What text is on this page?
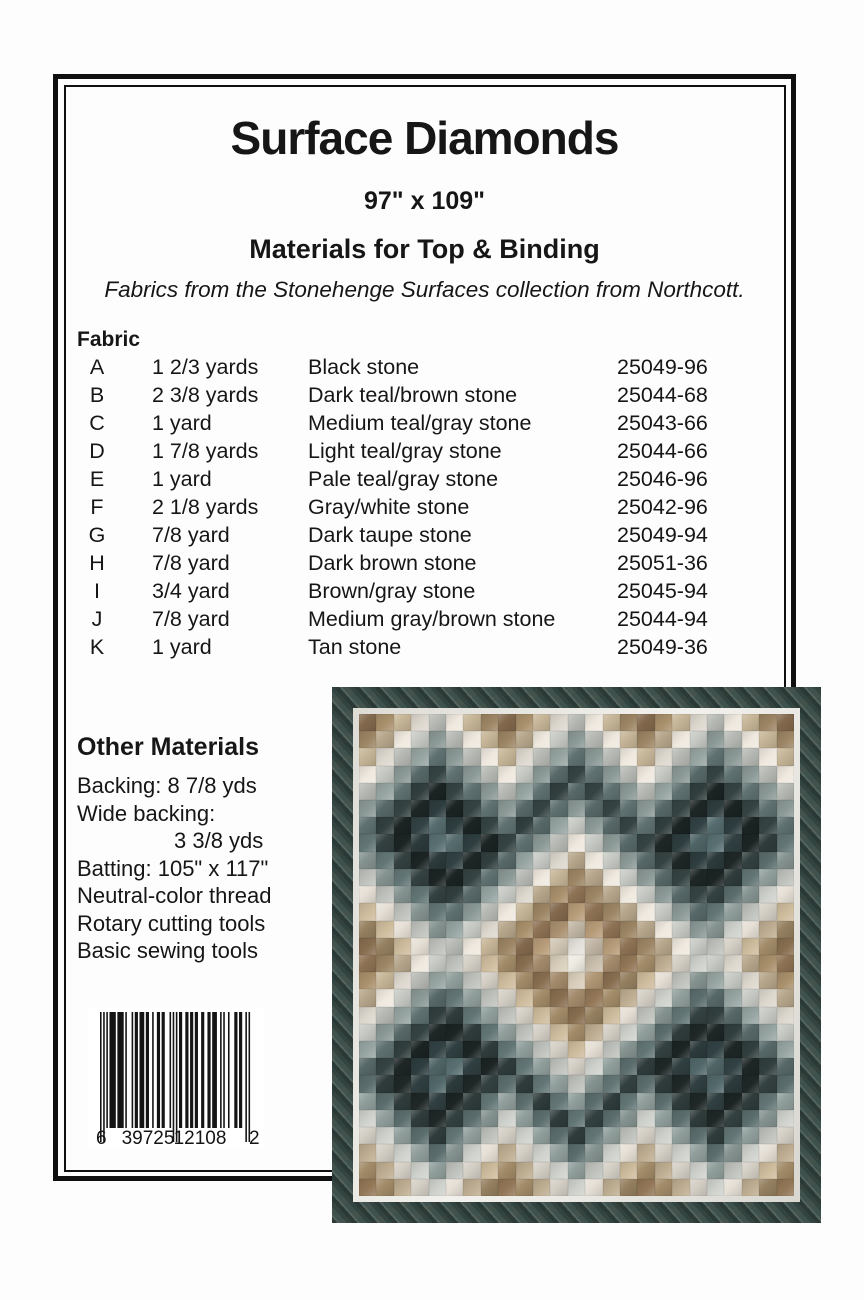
Surface Diamonds
97" x 109"
Materials for Top & Binding
Fabrics from the Stonehenge Surfaces collection from Northcott.
Fabric
A	1 2/3 yards Black stone	25049-96
B	2 3/8 yards Dark teal/brown stone	25044-68
C	1 yard	Medium teal/gray stone	25043-66
D	1 7/8 yards Light teal/gray stone	25044-66
E	1 yard	Pale teal/gray stone	25046-96
F	2 1/8 yards Gray/white stone	25042-96
G	7/8 yard	Dark taupe stone	25049-94
H	7/8 yard	Dark brown stone	25051-36
I	3/4 yard	Brown/gray stone	25045-94
J	7/8 yard	Medium gray/brown stone	25044-94
K	1 yard	Tan stone	25049-36
Other Materials
Backing: 8 7/8 yds
Wide backing:
3 3/8 yds
Batting: 105" x 117"
Neutral-color thread
Rotary cutting tools
Basic sewing tools
6 39725 12108 2
